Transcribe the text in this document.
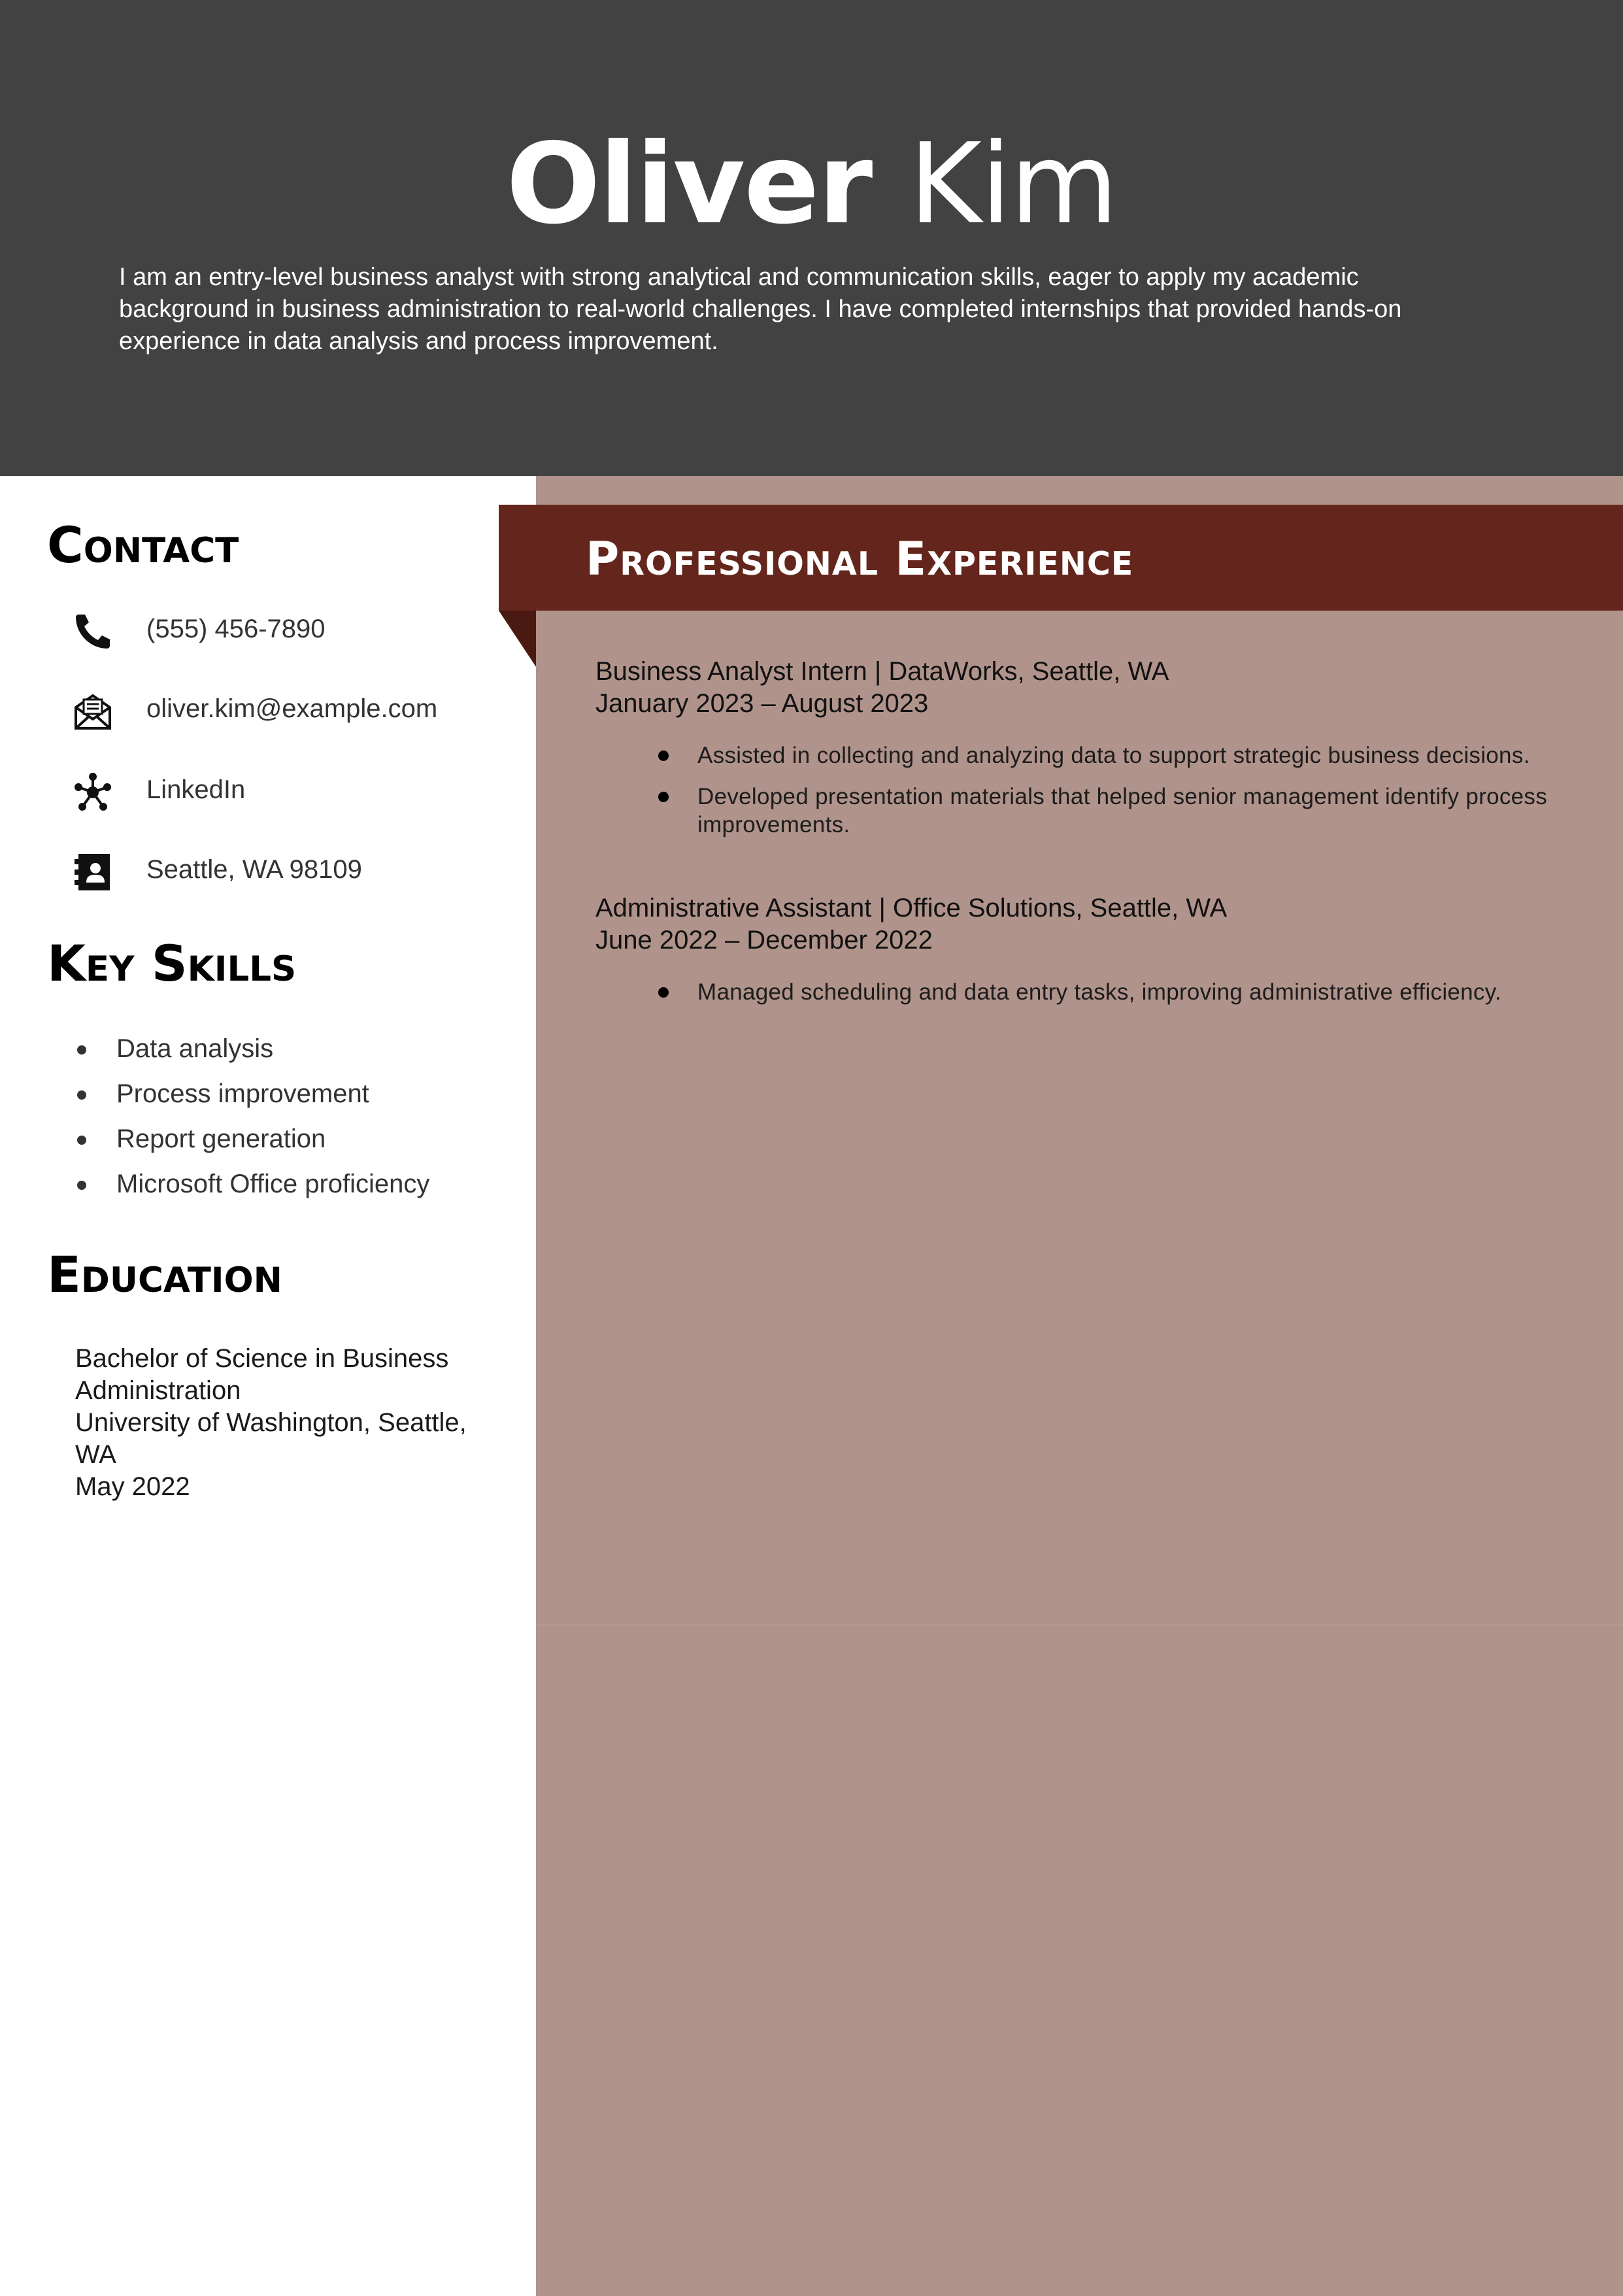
Oliver Kim

I am an entry-level business analyst with strong analytical and communication skills, eager to apply my academic background in business administration to real-world challenges. I have completed internships that provided hands-on experience in data analysis and process improvement.

Professional Experience
Contact
(555) 456-7890
oliver.kim@example.com
LinkedIn
Seattle, WA 98109
Key Skills
Data analysis
Process improvement
Report generation
Microsoft Office proficiency
Education
Bachelor of Science in Business
Administration
University of Washington, Seattle,
WA
May 2022

Business Analyst Intern | DataWorks, Seattle, WA

January 2023 – August 2023

Assisted in collecting and analyzing data to support strategic business decisions.
Developed presentation materials that helped senior management identify process improvements.

Administrative Assistant | Office Solutions, Seattle, WA

June 2022 – December 2022

Managed scheduling and data entry tasks, improving administrative efficiency.
